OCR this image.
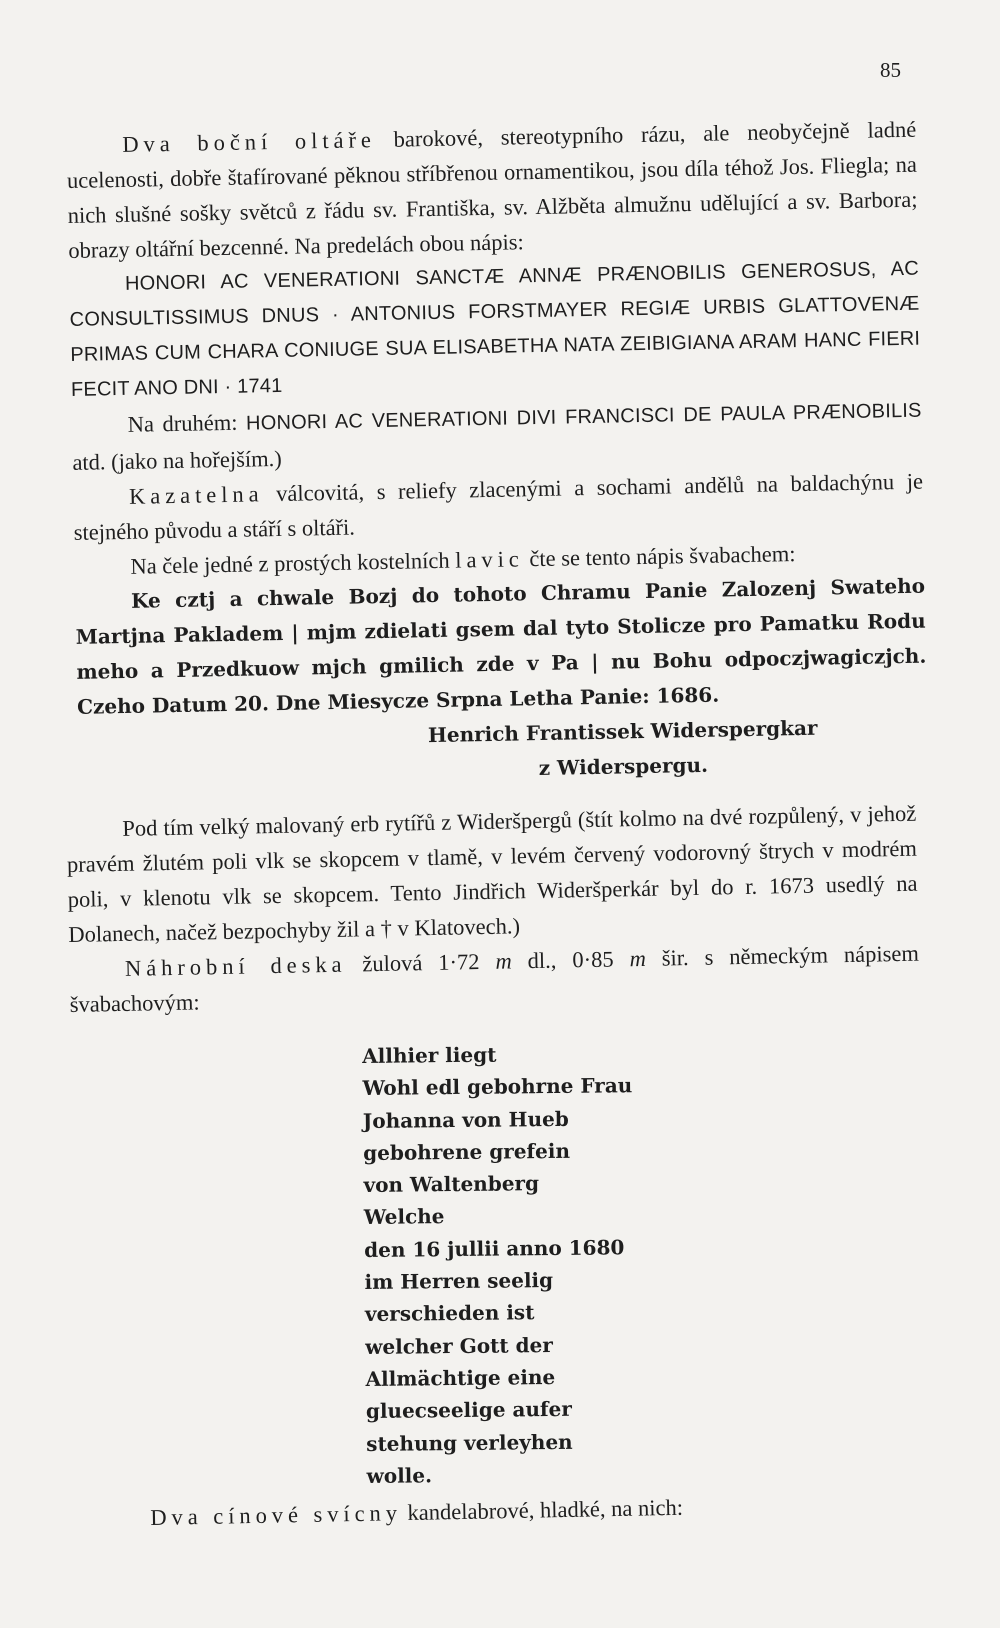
85

Dva boční oltáře barokové, stereotypního rázu, ale neobyčejně ladné ucelenosti, dobře štafírované pěknou stříbřenou ornamentikou, jsou díla téhož Jos. Fliegla; na nich slušné sošky světců z řádu sv. Františka, sv. Alžběta almužnu udělující a sv. Barbora; obrazy oltářní bezcenné. Na predelách obou nápis:

HONORI AC VENERATIONI SANCTÆ ANNÆ PRÆNOBILIS GENEROSUS, AC CONSULTISSIMUS DNUS · ANTONIUS FORSTMAYER REGIÆ URBIS GLATTOVENÆ PRIMAS CUM CHARA CONIUGE SUA ELISABETHA NATA ZEIBIGIANA ARAM HANC FIERI FECIT ANO DNI · 1741

Na druhém: HONORI AC VENERATIONI DIVI FRANCISCI DE PAULA PRÆNOBILIS atd. (jako na hořejším.)

Kazatelna válcovitá, s reliefy zlacenými a sochami andělů na baldachýnu je stejného původu a stáří s oltáři.

Na čele jedné z prostých kostelních lavic čte se tento nápis švabachem:

Ke cztj a chwale Bozj do tohoto Chramu Panie Zalozenj Swateho Martjna Pakladem | mjm zdielati gsem dal tyto Stolicze pro Pamatku Rodu meho a Przedkuow mjch gmilich zde v Pa | nu Bohu odpoczjwagiczjch. Czeho Datum 20. Dne Miesycze Srpna Letha Panie: 1686.

Henrich Frantissek Widerspergkar
z Widerspergu.

Pod tím velký malovaný erb rytířů z Wideršpergů (štít kolmo na dvé rozpůlený, v jehož pravém žlutém poli vlk se skopcem v tlamě, v levém červený vodorovný štrych v modrém poli, v klenotu vlk se skopcem. Tento Jindřich Wideršperkár byl do r. 1673 usedlý na Dolanech, načež bezpochyby žil a † v Klatovech.)

Náhrobní deska žulová 1·72 m dl., 0·85 m šir. s německým nápisem švabachovým:

Allhier liegt
Wohl edl gebohrne Frau
Johanna von Hueb
gebohrene grefein
von Waltenberg
Welche
den 16 jullii anno 1680
im Herren seelig
verschieden ist
welcher Gott der
Allmächtige eine
gluecseelige aufer
stehung verleyhen
wolle.

Dva cínové svícny kandelabrové, hladké, na nich:
